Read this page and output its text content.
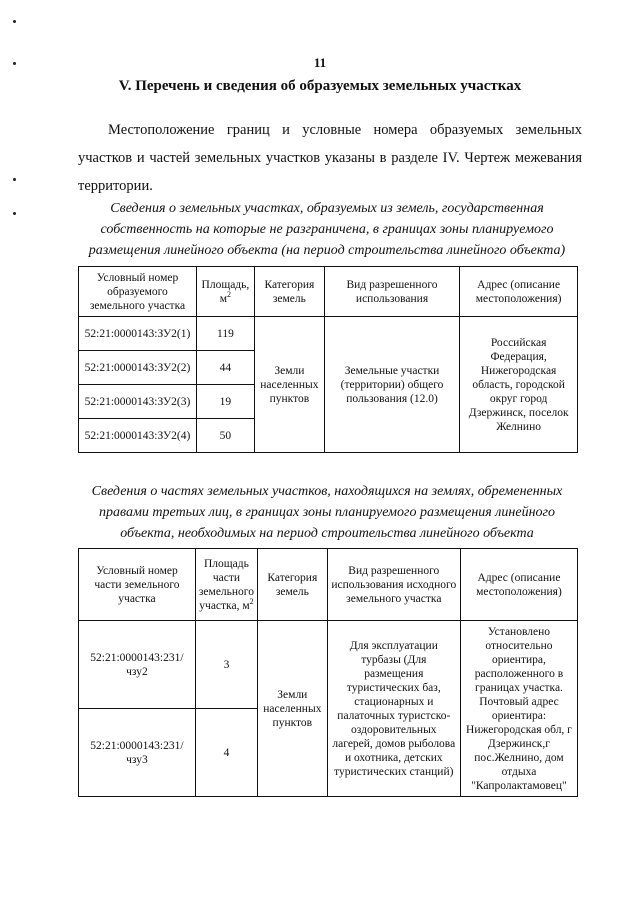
11
V. Перечень и сведения об образуемых земельных участках
Местоположение границ и условные номера образуемых земельных участков и частей земельных участков указаны в разделе IV. Чертеж межевания территории.
Сведения о земельных участках, образуемых из земель, государственная собственность на которые не разграничена, в границах зоны планируемого размещения линейного объекта (на период строительства линейного объекта)
Условный номер образуемого земельного участка	Площадь, $м^2$	Категория земель	Вид разрешенного использования	Адрес (описание местоположения)
52:21:0000143:ЗУ2(1)	119	Земли населенных пунктов	Земельные участки (территории) общего пользования (12.0)	Российская Федерация, Нижегородская область, городской округ город Дзержинск, поселок Желнино
52:21:0000143:ЗУ2(2)	44			
52:21:0000143:ЗУ2(3)	19			
52:21:0000143:ЗУ2(4)	50			
Сведения о частях земельных участков, находящихся на землях, обремененных правами третьих лиц, в границах зоны планируемого размещения линейного объекта, необходимых на период строительства линейного объекта
Условный номер части земельного участка	Площадь части земельного участка, $м^2$	Категория земель	Вид разрешенного использования исходного земельного участка	Адрес (описание местоположения)
52:21:0000143:231/чзу2	3	Земли населенных пунктов	Для эксплуатации турбазы (Для размещения туристических баз, стационарных и палаточных туристско-оздоровительных лагерей, домов рыболова и охотника, детских туристических станций)	Установлено относительно ориентира, расположенного в границах участка. Почтовый адрес ориентира: Нижегородская обл, г Дзержинск,г пос.Желнино, дом отдыха "Капролактамовец"
52:21:0000143:231/чзу3	4			
